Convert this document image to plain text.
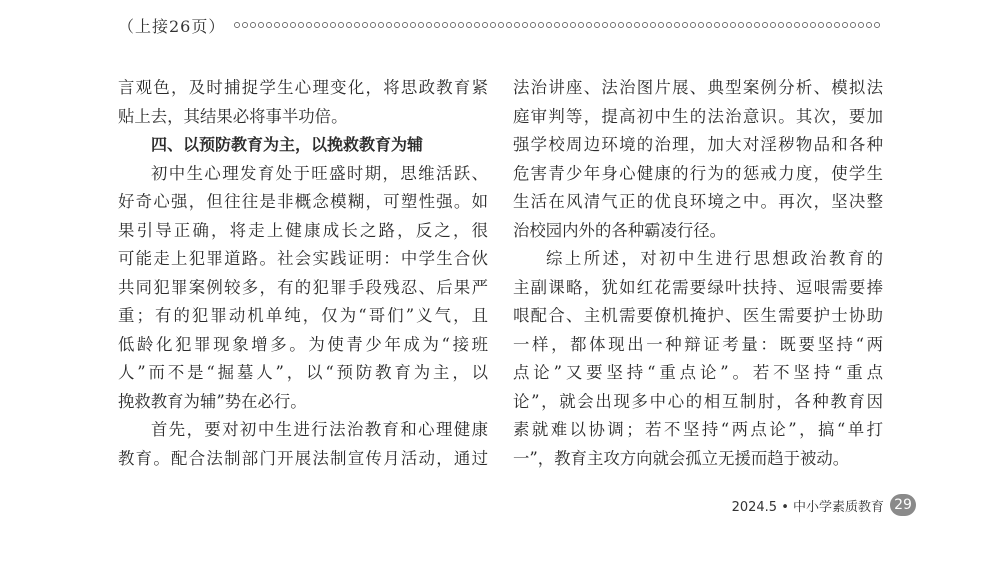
（上接26页）
言观色，及时捕捉学生心理变化，将思政教育紧
贴上去，其结果必将事半功倍。
四、以预防教育为主，以挽救教育为辅
初中生心理发育处于旺盛时期，思维活跃、
好奇心强，但往往是非概念模糊，可塑性强。如
果引导正确，将走上健康成长之路，反之，很
可能走上犯罪道路。社会实践证明：中学生合伙
共同犯罪案例较多，有的犯罪手段残忍、后果严
重；有的犯罪动机单纯，仅为“哥们”义气，且
低龄化犯罪现象增多。为使青少年成为“接班
人”而不是“掘墓人”，以“预防教育为主，以
挽救教育为辅”势在必行。
首先，要对初中生进行法治教育和心理健康
教育。配合法制部门开展法制宣传月活动，通过
法治讲座、法治图片展、典型案例分析、模拟法
庭审判等，提高初中生的法治意识。其次，要加
强学校周边环境的治理，加大对淫秽物品和各种
危害青少年身心健康的行为的惩戒力度，使学生
生活在风清气正的优良环境之中。再次，坚决整
治校园内外的各种霸凌行径。
综上所述，对初中生进行思想政治教育的
主副课略，犹如红花需要绿叶扶持、逗哏需要捧
哏配合、主机需要僚机掩护、医生需要护士协助
一样，都体现出一种辩证考量：既要坚持“两
点论”又要坚持“重点论”。若不坚持“重点
论”，就会出现多中心的相互制肘，各种教育因
素就难以协调；若不坚持“两点论”，搞“单打
一”，教育主攻方向就会孤立无援而趋于被动。
2024.5 • 中小学素质教育 29
